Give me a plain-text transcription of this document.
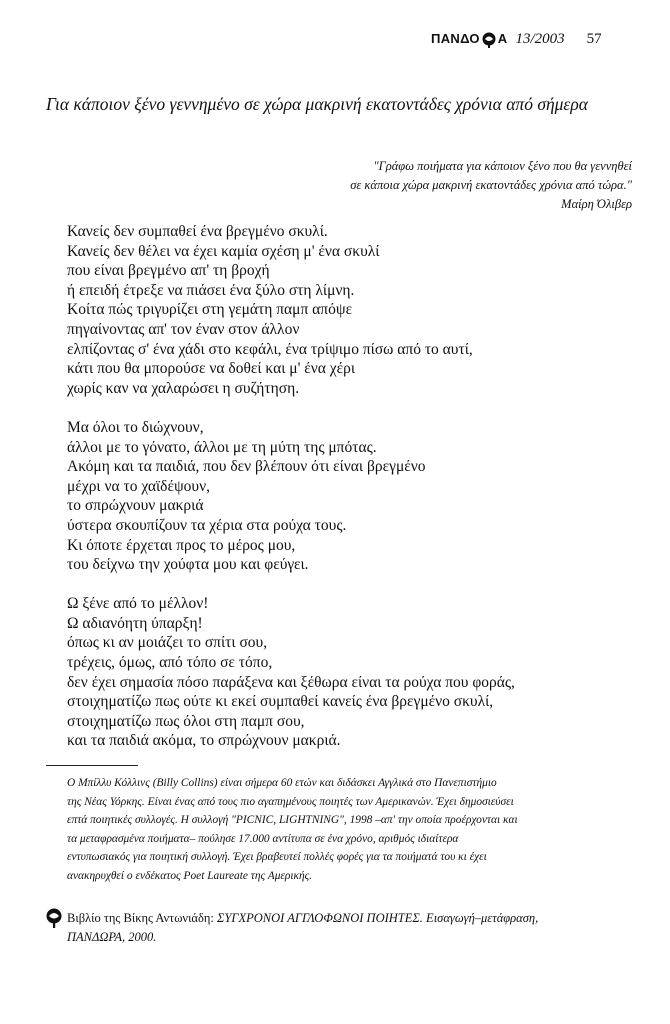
ΠΑΝΔΟ Α 13/2003 57
Για κάποιον ξένο γεννημένο σε χώρα μακρινή εκατοντάδες χρόνια από σήμερα
"Γράφω ποιήματα για κάποιον ξένο που θα γεννηθεί
σε κάποια χώρα μακρινή εκατοντάδες χρόνια από τώρα."
Μαίρη Όλιβερ
Κανείς δεν συμπαθεί ένα βρεγμένο σκυλί.
Κανείς δεν θέλει να έχει καμία σχέση μ' ένα σκυλί
που είναι βρεγμένο απ' τη βροχή
ή επειδή έτρεξε να πιάσει ένα ξύλο στη λίμνη.
Κοίτα πώς τριγυρίζει στη γεμάτη παμπ απόψε
πηγαίνοντας απ' τον έναν στον άλλον
ελπίζοντας σ' ένα χάδι στο κεφάλι, ένα τρίψιμο πίσω από το αυτί,
κάτι που θα μπορούσε να δοθεί και μ' ένα χέρι
χωρίς καν να χαλαρώσει η συζήτηση.
Μα όλοι το διώχνουν,
άλλοι με το γόνατο, άλλοι με τη μύτη της μπότας.
Ακόμη και τα παιδιά, που δεν βλέπουν ότι είναι βρεγμένο
μέχρι να το χαϊδέψουν,
το σπρώχνουν μακριά
ύστερα σκουπίζουν τα χέρια στα ρούχα τους.
Κι όποτε έρχεται προς το μέρος μου,
του δείχνω την χούφτα μου και φεύγει.
Ω ξένε από το μέλλον!
Ω αδιανόητη ύπαρξη!
όπως κι αν μοιάζει το σπίτι σου,
τρέχεις, όμως, από τόπο σε τόπο,
δεν έχει σημασία πόσο παράξενα και ξέθωρα είναι τα ρούχα που φοράς,
στοιχηματίζω πως ούτε κι εκεί συμπαθεί κανείς ένα βρεγμένο σκυλί,
στοιχηματίζω πως όλοι στη παμπ σου,
και τα παιδιά ακόμα, το σπρώχνουν μακριά.
Ο Μπίλλυ Κόλλινς (Billy Collins) είναι σήμερα 60 ετών και διδάσκει Αγγλικά στο Πανεπιστήμιο
της Νέας Υόρκης. Είναι ένας από τους πιο αγαπημένους ποιητές των Αμερικανών. Έχει δημοσιεύσει
επτά ποιητικές συλλογές. Η συλλογή "PICNIC, LIGHTNING", 1998 –απ' την οποία προέρχονται και
τα μεταφρασμένα ποιήματα– πούλησε 17.000 αντίτυπα σε ένα χρόνο, αριθμός ιδιαίτερα
εντυπωσιακός για ποιητική συλλογή. Έχει βραβευτεί πολλές φορές για τα ποιήματά του κι έχει
ανακηρυχθεί ο ενδέκατος Poet Laureate της Αμερικής.
Βιβλίο της Βίκης Αντωνιάδη: ΣΥΓΧΡΟΝΟΙ ΑΓΓΛΟΦΩΝΟΙ ΠΟΙΗΤΕΣ. Εισαγωγή–μετάφραση,
ΠΑΝΔΩΡΑ, 2000.
